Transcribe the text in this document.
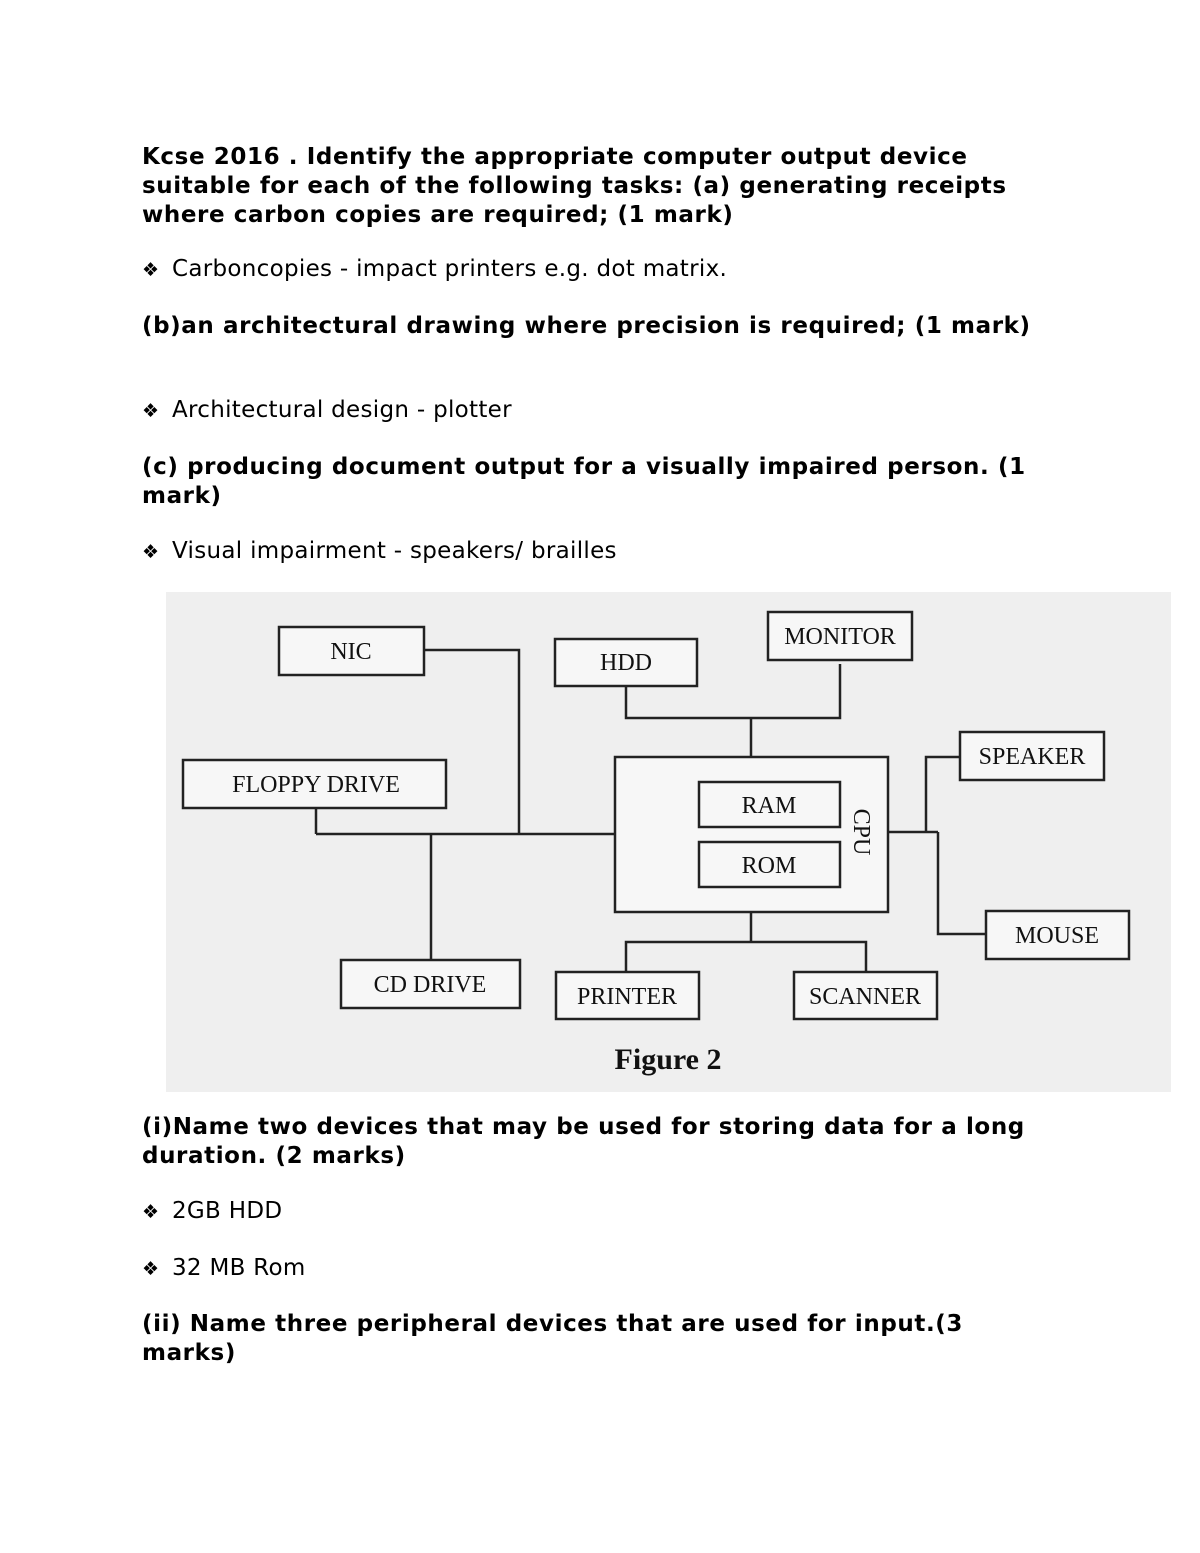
Kcse 2016 . Identify the appropriate computer output device suitable for each of the following tasks: (a) generating receipts where carbon copies are required; (1 mark)

❖ Carboncopies - impact printers e.g. dot matrix.

(b)an architectural drawing where precision is required; (1 mark)

❖ Architectural design - plotter

(c) producing document output for a visually impaired person. (1 mark)

❖ Visual impairment - speakers/ brailles

NIC	HDD
MONITOR
FLOPPY DRIVE
RAM
ROM
SPEAKER
MOUSE
CD DRIVE	PRINTER	SCANNER
CPU
Figure 2

(i)Name two devices that may be used for storing data for a long duration. (2 marks)

❖ 2GB HDD

❖ 32 MB Rom

(ii) Name three peripheral devices that are used for input.(3 marks)
